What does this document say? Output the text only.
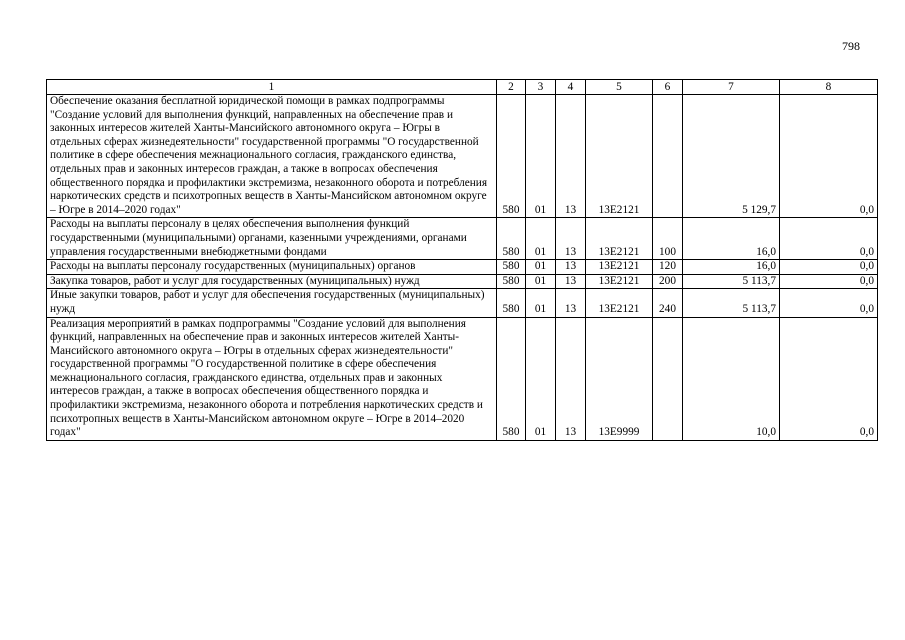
798
1	2	3	4	5	6	7	8
Обеспечение оказания бесплатной юридической помощи в рамках подпрограммы "Создание условий для выполнения функций, направленных на обеспечение прав и законных интересов жителей Ханты-Мансийского автономного округа – Югры в отдельных сферах жизнедеятельности" государственной программы "О государственной политике в сфере обеспечения межнационального согласия, гражданского единства, отдельных прав и законных интересов граждан, а также в вопросах обеспечения общественного порядка и профилактики экстремизма, незаконного оборота и потребления наркотических средств и психотропных веществ в Ханты-Мансийском автономном округе – Югре в 2014–2020 годах"	580	01	13	13Е2121		5 129,7	0,0
Расходы на выплаты персоналу в целях обеспечения выполнения функций государственными (муниципальными) органами, казенными учреждениями, органами управления государственными внебюджетными фондами	580	01	13	13Е2121	100	16,0	0,0
Расходы на выплаты персоналу государственных (муниципальных) органов	580	01	13	13Е2121	120	16,0	0,0
Закупка товаров, работ и услуг для государственных (муниципальных) нужд	580	01	13	13Е2121	200	5 113,7	0,0
Иные закупки товаров, работ и услуг для обеспечения государственных (муниципальных) нужд	580	01	13	13Е2121	240	5 113,7	0,0
Реализация мероприятий в рамках подпрограммы "Создание условий для выполнения функций, направленных на обеспечение прав и законных интересов жителей Ханты-Мансийского автономного округа – Югры в отдельных сферах жизнедеятельности" государственной программы "О государственной политике в сфере обеспечения межнационального согласия, гражданского единства, отдельных прав и законных интересов граждан, а также в вопросах обеспечения общественного порядка и профилактики экстремизма, незаконного оборота и потребления наркотических средств и психотропных веществ в Ханты-Мансийском автономном округе – Югре в 2014–2020 годах"	580	01	13	13Е9999		10,0	0,0
